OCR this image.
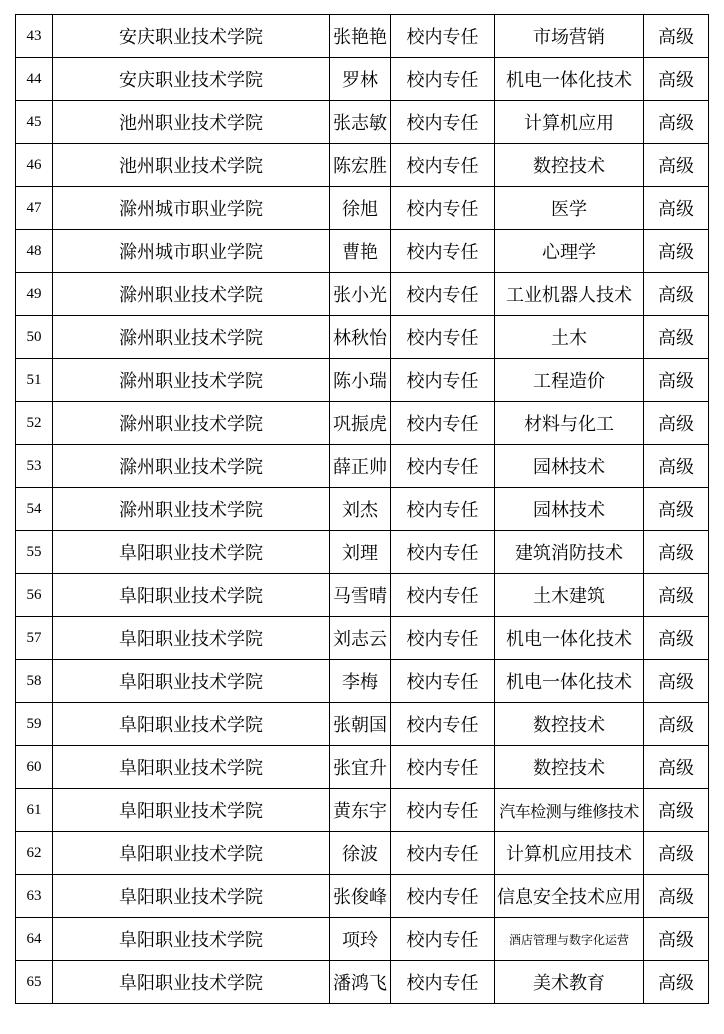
43	安庆职业技术学院	张艳艳	校内专任	市场营销	高级
44	安庆职业技术学院	罗林	校内专任	机电一体化技术	高级
45	池州职业技术学院	张志敏	校内专任	计算机应用	高级
46	池州职业技术学院	陈宏胜	校内专任	数控技术	高级
47	滁州城市职业学院	徐旭	校内专任	医学	高级
48	滁州城市职业学院	曹艳	校内专任	心理学	高级
49	滁州职业技术学院	张小光	校内专任	工业机器人技术	高级
50	滁州职业技术学院	林秋怡	校内专任	土木	高级
51	滁州职业技术学院	陈小瑞	校内专任	工程造价	高级
52	滁州职业技术学院	巩振虎	校内专任	材料与化工	高级
53	滁州职业技术学院	薛正帅	校内专任	园林技术	高级
54	滁州职业技术学院	刘杰	校内专任	园林技术	高级
55	阜阳职业技术学院	刘理	校内专任	建筑消防技术	高级
56	阜阳职业技术学院	马雪晴	校内专任	土木建筑	高级
57	阜阳职业技术学院	刘志云	校内专任	机电一体化技术	高级
58	阜阳职业技术学院	李梅	校内专任	机电一体化技术	高级
59	阜阳职业技术学院	张朝国	校内专任	数控技术	高级
60	阜阳职业技术学院	张宜升	校内专任	数控技术	高级
61	阜阳职业技术学院	黄东宇	校内专任	汽车检测与维修技术	高级
62	阜阳职业技术学院	徐波	校内专任	计算机应用技术	高级
63	阜阳职业技术学院	张俊峰	校内专任	信息安全技术应用	高级
64	阜阳职业技术学院	项玲	校内专任	酒店管理与数字化运营	高级
65	阜阳职业技术学院	潘鸿飞	校内专任	美术教育	高级
